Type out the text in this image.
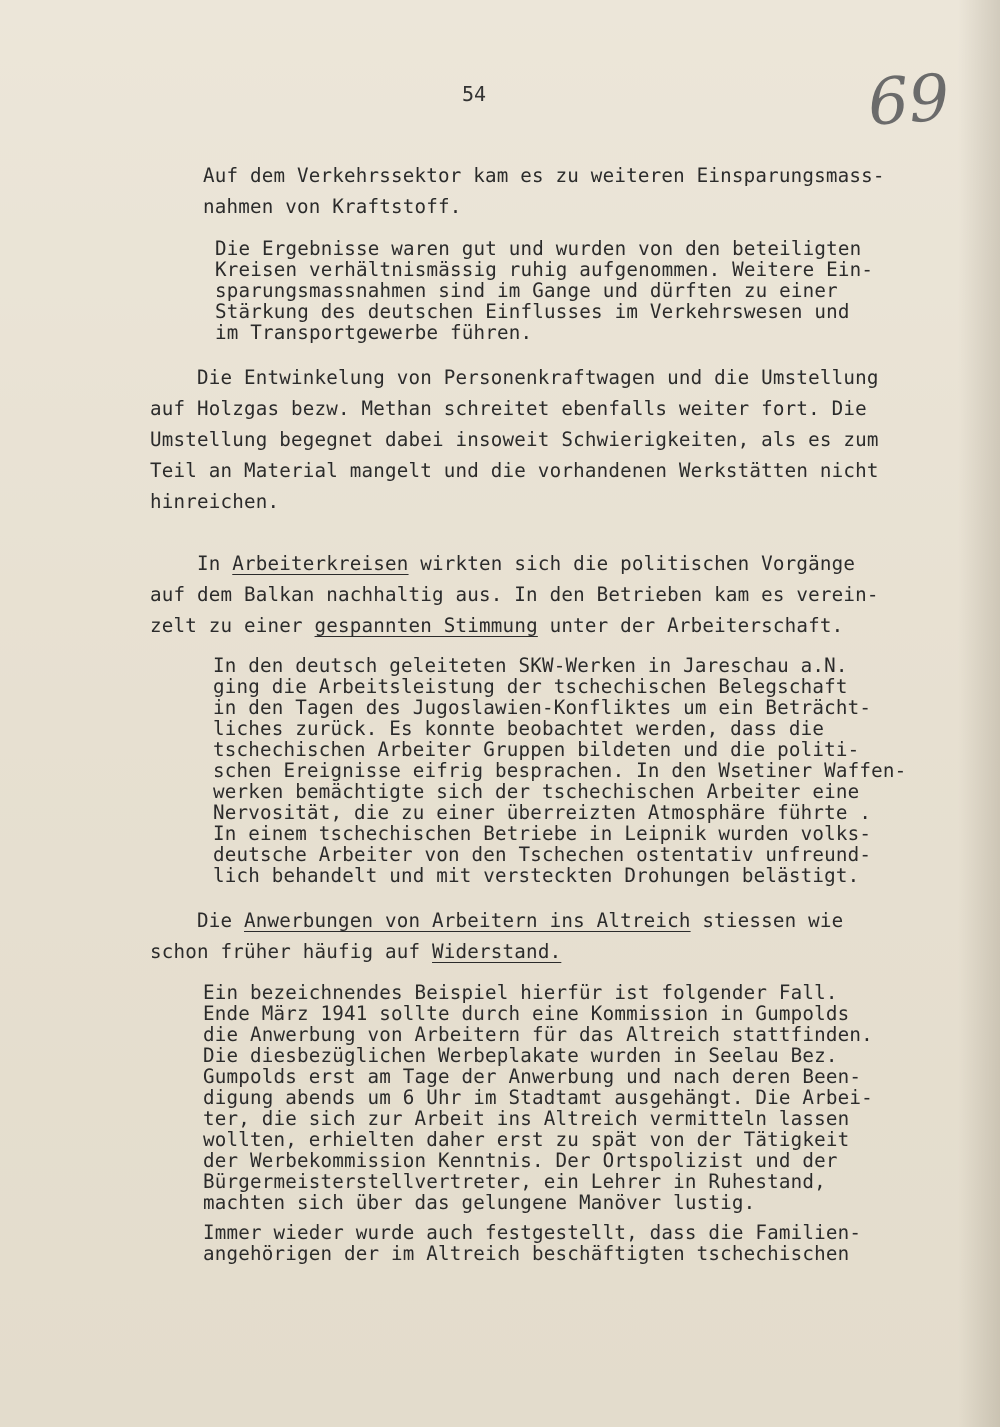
54	69

Auf dem Verkehrssektor kam es zu weiteren Einsparungsmass-
nahmen von Kraftstoff.

Die Ergebnisse waren gut und wurden von den beteiligten
Kreisen verhältnismässig ruhig aufgenommen. Weitere Ein-
sparungsmassnahmen sind im Gange und dürften zu einer
Stärkung des deutschen Einflusses im Verkehrswesen und
im Transportgewerbe führen.

Die Entwinkelung von Personenkraftwagen und die Umstellung
auf Holzgas bezw. Methan schreitet ebenfalls weiter fort. Die
Umstellung begegnet dabei insoweit Schwierigkeiten, als es zum
Teil an Material mangelt und die vorhandenen Werkstätten nicht
hinreichen.

In Arbeiterkreisen wirkten sich die politischen Vorgänge
auf dem Balkan nachhaltig aus. In den Betrieben kam es verein-
zelt zu einer gespannten Stimmung unter der Arbeiterschaft.

In den deutsch geleiteten SKW-Werken in Jareschau a.N.
ging die Arbeitsleistung der tschechischen Belegschaft
in den Tagen des Jugoslawien-Konfliktes um ein Beträcht-
liches zurück. Es konnte beobachtet werden, dass die
tschechischen Arbeiter Gruppen bildeten und die politi-
schen Ereignisse eifrig besprachen. In den Wsetiner Waffen-
werken bemächtigte sich der tschechischen Arbeiter eine
Nervosität, die zu einer überreizten Atmosphäre führte .
In einem tschechischen Betriebe in Leipnik wurden volks-
deutsche Arbeiter von den Tschechen ostentativ unfreund-
lich behandelt und mit versteckten Drohungen belästigt.

Die Anwerbungen von Arbeitern ins Altreich stiessen wie
schon früher häufig auf Widerstand.

Ein bezeichnendes Beispiel hierfür ist folgender Fall.
Ende März 1941 sollte durch eine Kommission in Gumpolds
die Anwerbung von Arbeitern für das Altreich stattfinden.
Die diesbezüglichen Werbeplakate wurden in Seelau Bez.
Gumpolds erst am Tage der Anwerbung und nach deren Been-
digung abends um 6 Uhr im Stadtamt ausgehängt. Die Arbei-
ter, die sich zur Arbeit ins Altreich vermitteln lassen
wollten, erhielten daher erst zu spät von der Tätigkeit
der Werbekommission Kenntnis. Der Ortspolizist und der
Bürgermeisterstellvertreter, ein Lehrer in Ruhestand,
machten sich über das gelungene Manöver lustig.

Immer wieder wurde auch festgestellt, dass die Familien-
angehörigen der im Altreich beschäftigten tschechischen
